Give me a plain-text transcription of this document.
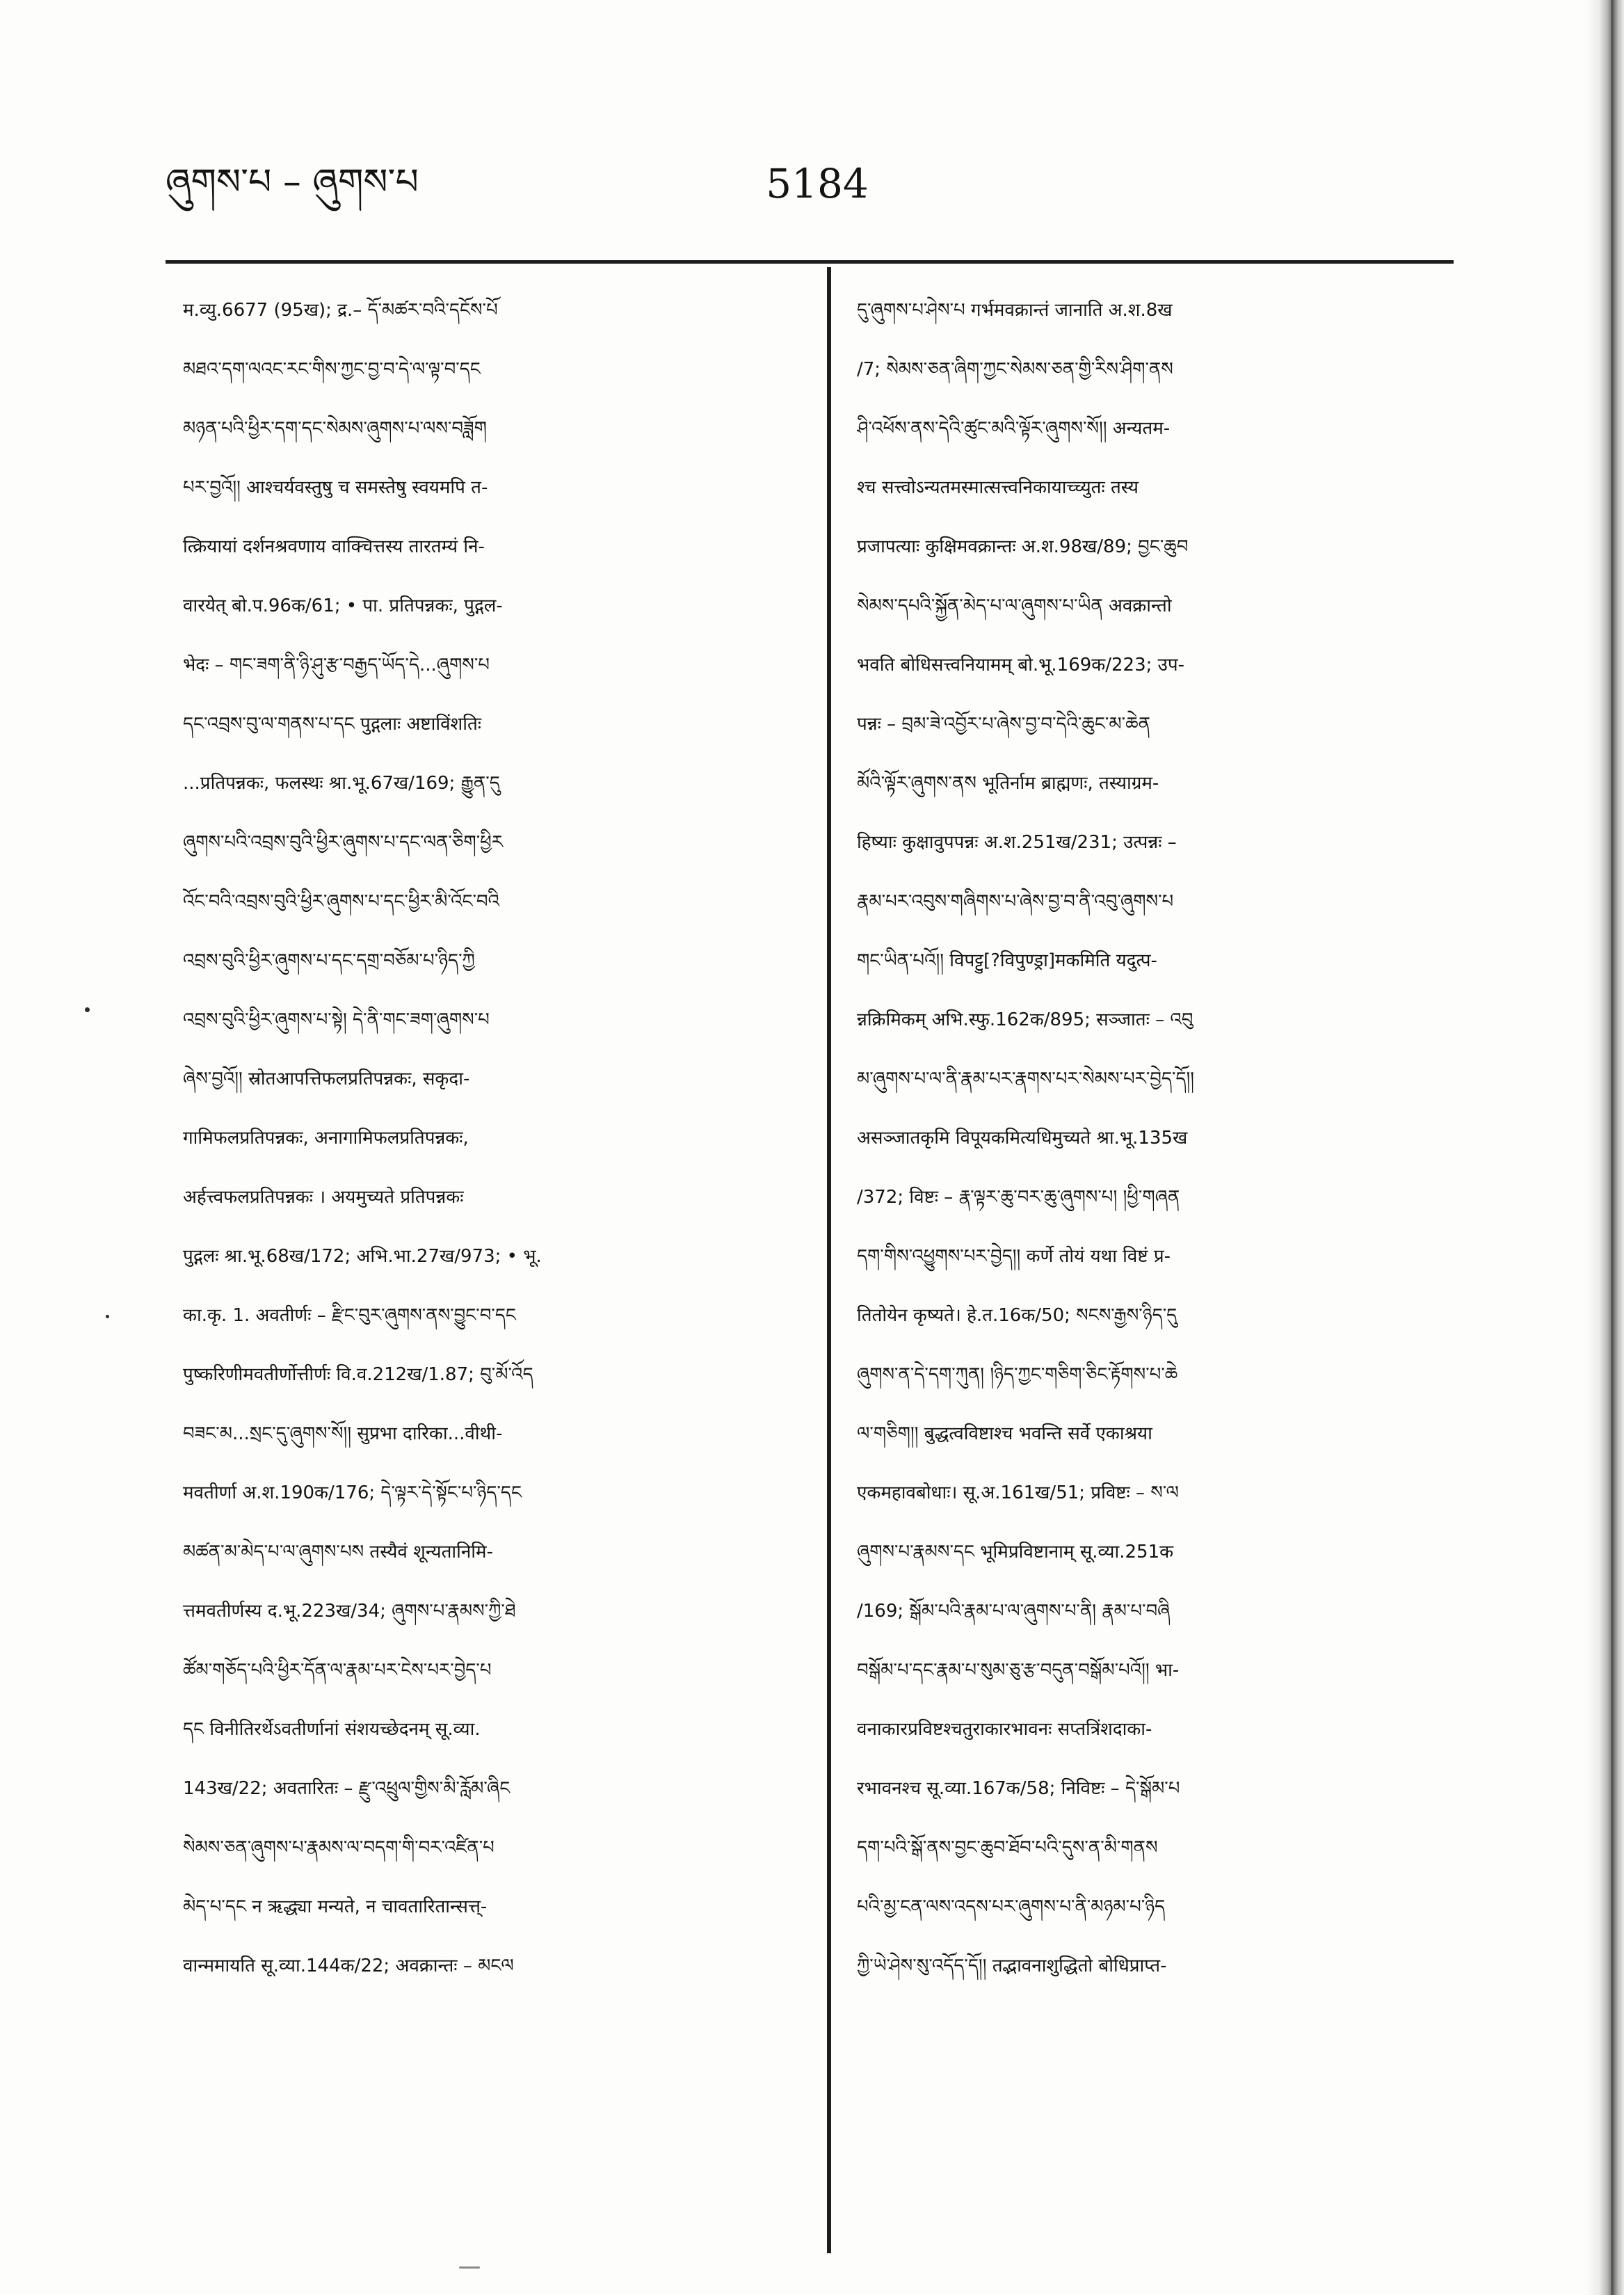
ཞུགས་པ – ཞུགས་པ	5184
म.व्यु.6677 (95ख); द्र.– དོ་མཚར་བའི་དངོས་པོ
མཐའ་དག་ལའང་རང་གིས་ཀྱང་བྱ་བ་དེ་ལ་ལྟ་བ་དང
མཉན་པའི་ཕྱིར་དག་དང་སེམས་ཞུགས་པ་ལས་བཟློག
པར་བྱའོ།། आश्चर्यवस्तुषु च समस्तेषु स्वयमपि त-
त्क्रियायां दर्शनश्रवणाय वाक्चित्तस्य तारतम्यं नि-
वारयेत् बो.प.96क/61; • पा. प्रतिपन्नकः, पुद्गल-
भेदः – གང་ཟག་ནི་ཉི་ཤུ་རྩ་བརྒྱད་ཡོད་དེ...ཞུགས་པ
དང་འབྲས་བུ་ལ་གནས་པ་དང पुद्गलाः अष्टाविंशतिः
...प्रतिपन्नकः, फलस्थः श्रा.भू.67ख/169; རྒྱུན་དུ
ཞུགས་པའི་འབྲས་བུའི་ཕྱིར་ཞུགས་པ་དང་ལན་ཅིག་ཕྱིར
འོང་བའི་འབྲས་བུའི་ཕྱིར་ཞུགས་པ་དང་ཕྱིར་མི་འོང་བའི
འབྲས་བུའི་ཕྱིར་ཞུགས་པ་དང་དགྲ་བཅོམ་པ་ཉིད་ཀྱི
འབྲས་བུའི་ཕྱིར་ཞུགས་པ་སྟེ། དེ་ནི་གང་ཟག་ཞུགས་པ
ཞེས་བྱའོ།། स्रोतआपत्तिफलप्रतिपन्नकः, सकृदा-
गामिफलप्रतिपन्नकः, अनागामिफलप्रतिपन्नकः,
अर्हत्त्वफलप्रतिपन्नकः । अयमुच्यते प्रतिपन्नकः
पुद्गलः श्रा.भू.68ख/172; अभि.भा.27ख/973; • भू.
का.कृ. 1. अवतीर्णः – རྫིང་བུར་ཞུགས་ནས་བྱུང་བ་དང
पुष्करिणीमवतीर्णोत्तीर्णः वि.व.212ख/1.87; བུ་མོ་འོད
བཟང་མ...སྲང་དུ་ཞུགས་སོ།། सुप्रभा दारिका...वीथी-
मवतीर्णा अ.श.190क/176; དེ་ལྟར་དེ་སྟོང་པ་ཉིད་དང
མཚན་མ་མེད་པ་ལ་ཞུགས་པས तस्यैवं शून्यतानिमि-
त्तमवतीर्णस्य द.भू.223ख/34; ཞུགས་པ་རྣམས་ཀྱི་ཐེ
ཚོམ་གཅོད་པའི་ཕྱིར་དོན་ལ་རྣམ་པར་ངེས་པར་བྱེད་པ
དང विनीतिरर्थेऽवतीर्णानां संशयच्छेदनम् सू.व्या.
143ख/22; अवतारितः – རྫུ་འཕྲུལ་གྱིས་མི་རློམ་ཞིང
སེམས་ཅན་ཞུགས་པ་རྣམས་ལ་བདག་གི་བར་འཛིན་པ
མེད་པ་དང न ऋद्ध्या मन्यते, न चावतारितान्सत्त्-
वान्ममायति सू.व्या.144क/22; अवक्रान्तः – མངལ
དུ་ཞུགས་པ་ཤེས་པ गर्भमवक्रान्तं जानाति अ.श.8ख
/7; སེམས་ཅན་ཞིག་ཀྱང་སེམས་ཅན་གྱི་རིས་ཤིག་ནས
ཤི་འཕོས་ནས་དེའི་ཚུང་མའི་ལྟོར་ཞུགས་སོ།། अन्यतम-
श्च सत्त्वोऽन्यतमस्मात्सत्त्वनिकायाच्च्युतः तस्य
प्रजापत्याः कुक्षिमवक्रान्तः अ.श.98ख/89; བྱང་ཆུབ
སེམས་དཔའི་སྐྱོན་མེད་པ་ལ་ཞུགས་པ་ཡིན अवक्रान्तो
भवति बोधिसत्त्वनियामम् बो.भू.169क/223; उप-
पन्नः – བྲམ་ཟེ་འབྱོར་པ་ཞེས་བྱ་བ་དེའི་ཆུང་མ་ཆེན
མོའི་ལྟོར་ཞུགས་ནས भूतिर्नाम ब्राह्मणः, तस्याग्रम-
हिष्याः कुक्षावुपपन्नः अ.श.251ख/231; उत्पन्नः –
རྣམ་པར་འབུས་གཞིགས་པ་ཞེས་བྱ་བ་ནི་འབུ་ཞུགས་པ
གང་ཡིན་པའོ།། विपट्टु[?विपुण्ड्रा]मकमिति यदुत्प-
न्नक्रिमिकम् अभि.स्फु.162क/895; सञ्जातः – འབུ
མ་ཞུགས་པ་ལ་ནི་རྣམ་པར་རྣགས་པར་སེམས་པར་བྱེད་དོ།།
असञ्जातकृमि विपूयकमित्यधिमुच्यते श्रा.भू.135ख
/372; विष्टः – རྣ་ལྟར་ཆུ་བར་ཆུ་ཞུགས་པ། །ཕྱི་གཞན
དག་གིས་འཕྱུགས་པར་བྱེད།། कर्णे तोयं यथा विष्टं प्र-
तितोयेन कृष्यते। हे.त.16क/50; སངས་རྒྱས་ཉིད་དུ
ཞུགས་ན་དེ་དག་ཀུན། །ཉིད་ཀྱང་གཅིག་ཅིང་རྟོགས་པ་ཆེ
ལ་གཅིག།། बुद्धत्वविष्टाश्च भवन्ति सर्वे एकाश्रया
एकमहावबोधाः। सू.अ.161ख/51; प्रविष्टः – ས་ལ
ཞུགས་པ་རྣམས་དང भूमिप्रविष्टानाम् सू.व्या.251क
/169; སྒོམ་པའི་རྣམ་པ་ལ་ཞུགས་པ་ནི། རྣམ་པ་བཞི
བསྒོམ་པ་དང་རྣམ་པ་སུམ་ཅུ་རྩ་བདུན་བསྒོམ་པའོ།། भा-
वनाकारप्रविष्टश्चतुराकारभावनः सप्तत्रिंशदाका-
रभावनश्च सू.व्या.167क/58; निविष्टः – དེ་སྒོམ་པ
དག་པའི་སྒོ་ནས་བྱང་ཆུབ་ཐོབ་པའི་དུས་ན་མི་གནས
པའི་མྱ་ངན་ལས་འདས་པར་ཞུགས་པ་ནི་མཉམ་པ་ཉིད
ཀྱི་ཡེ་ཤེས་སུ་འདོད་དོ།། तद्भावनाशुद्धितो बोधिप्राप्त-
